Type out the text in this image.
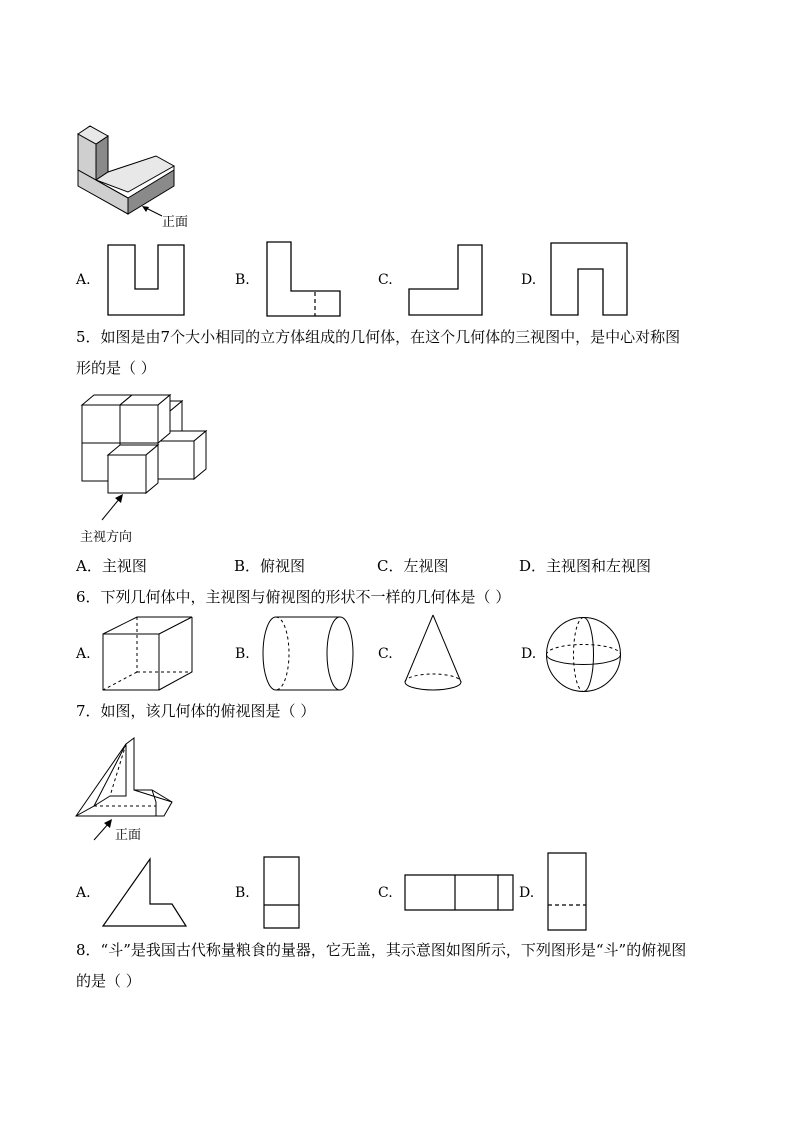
正面
A.	B.	C.	D.
5．如图是由7个大小相同的立方体组成的几何体，在这个几何体的三视图中，是中心对称图
形的是（ ）
主视方向
A．主视图	B．俯视图	C．左视图	D．主视图和左视图
6．下列几何体中，主视图与俯视图的形状不一样的几何体是（ ）
A.	B.	C.	D.
7．如图，该几何体的俯视图是（ ）
正面
A.	B.	C.	D.
8．“斗”是我国古代称量粮食的量器，它无盖，其示意图如图所示，下列图形是“斗”的俯视图
的是（ ）
